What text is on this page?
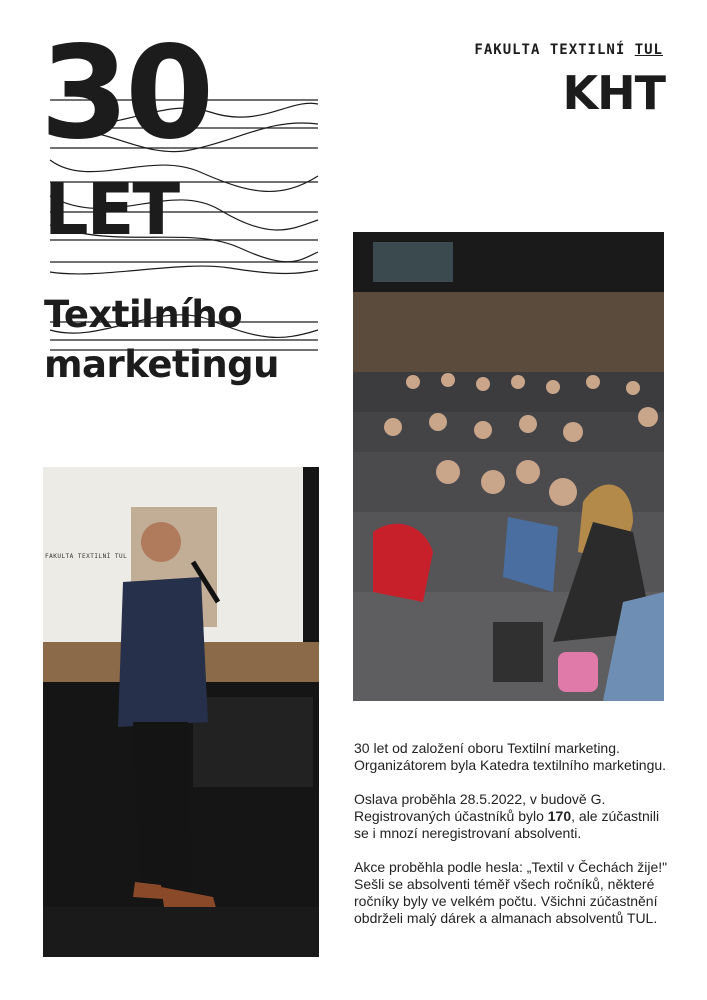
30
LET
Textilního
marketingu
FAKULTA TEXTILNÍ TUL
KHT
FAKULTA TEXTILNÍ TUL

30 let od založení oboru Textilní marketing. Organizátorem byla Katedra textilního marketingu.

Oslava proběhla 28.5.2022, v budově G. Registrovaných účastníků bylo 170, ale zúčastnili se i mnozí neregistrovaní absolventi.

Akce proběhla podle hesla: „Textil v Čechách žije!" Sešli se absolventi téměř všech ročníků, některé ročníky byly ve velkém počtu. Všichni zúčastnění obdrželi malý dárek a almanach absolventů TUL.
